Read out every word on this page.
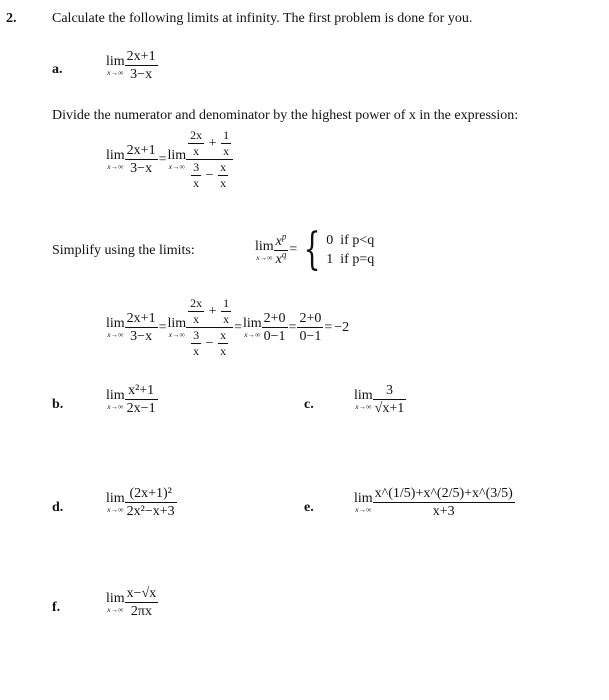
2.	Calculate the following limits at infinity. The first problem is done for you.
a.
lim
$x\to\infty \frac{2x+1}{3-x}$
Divide the numerator and denominator by the highest power of x in the expression:
lim
$x\to\infty \frac{2x+1}{3-x} = \lim$
$x\to\infty \frac{\frac{2x}{x} + \frac{1}{x}}{\frac{3}{x} - \frac{x}{x}}$
Simplify using the limits:	lim
$x\to\infty \frac{x^p}{x^q}$ = { 0 if p<q
1 if p=q
lim
$x\to\infty \frac{2x+1}{3-x} = \lim$
$x\to\infty \frac{\frac{2x}{x} + \frac{1}{x}}{\frac{3}{x} - \frac{x}{x}} = \lim$
$x\to\infty \frac{2+0}{0-1} = \frac{2+0}{0-1} = -2$
b.
lim
$x\to\infty \frac{\text{x²+1}}{2x-1}$	c.
lim
$x\to\infty \frac{3}{√x+1}$
d.
lim
$x\to\infty \frac{\text{(2x+1)²}}{\text{2x²−x+3}}$	e.
lim
$x\to\infty \frac{x\^{}(1/5)+x\^{}(2/5)+x\^{}(3/5)}{x+3}$
f.
lim
$x\to\infty \frac{x-√x}{2\pi x}$
